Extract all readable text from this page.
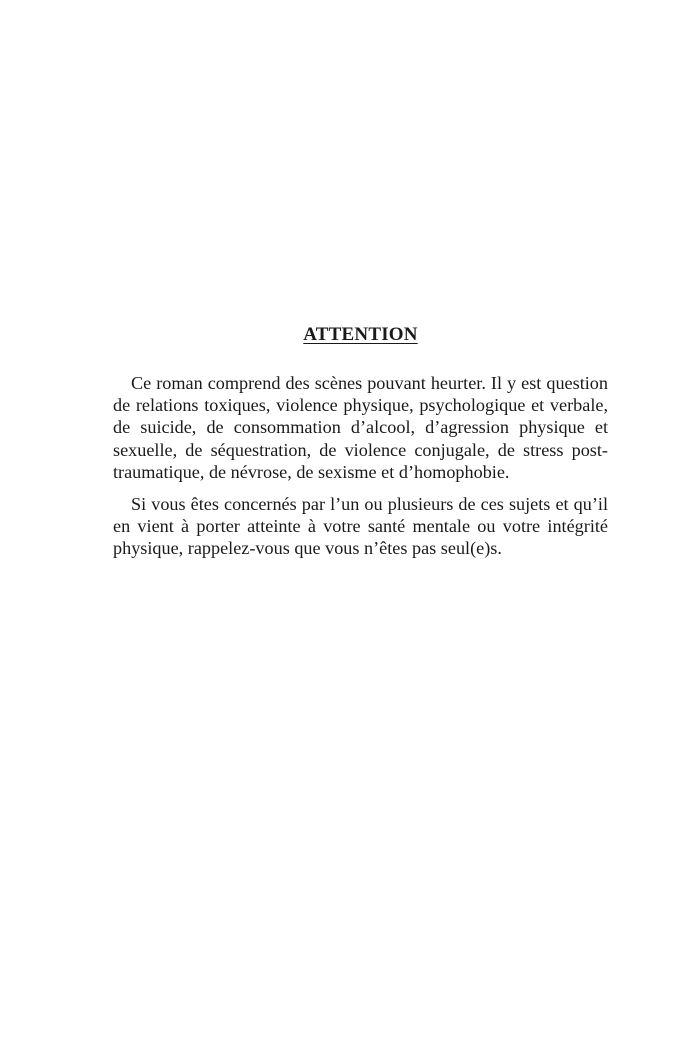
ATTENTION

Ce roman comprend des scènes pouvant heurter. Il y est question de relations toxiques, violence physique, psychologique et verbale, de suicide, de consommation d’alcool, d’agression physique et sexuelle, de séquestration, de violence conjugale, de stress post-traumatique, de névrose, de sexisme et d’homophobie.

Si vous êtes concernés par l’un ou plusieurs de ces sujets et qu’il en vient à porter atteinte à votre santé mentale ou votre intégrité physique, rappelez-vous que vous n’êtes pas seul(e)s.
